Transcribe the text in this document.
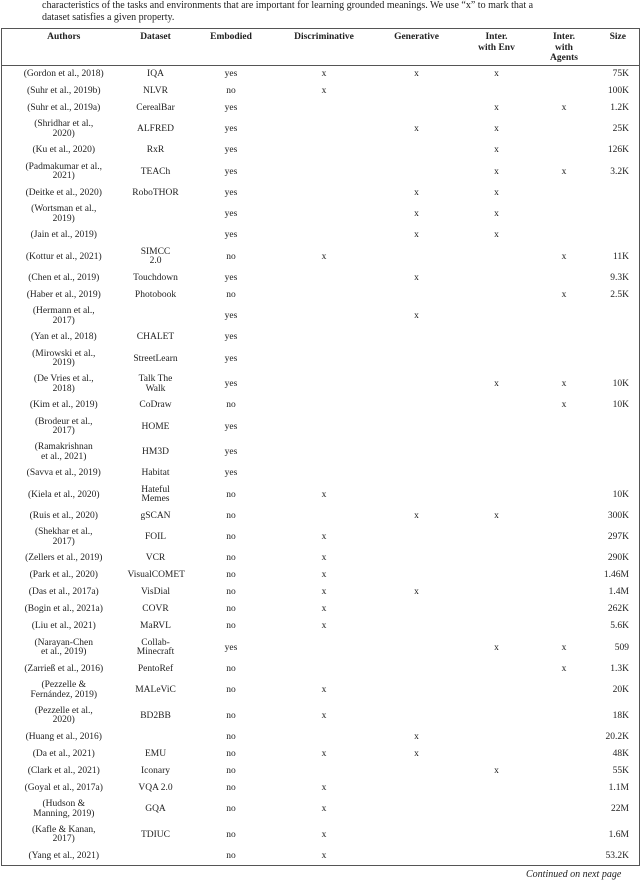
characteristics of the tasks and environments that are important for learning grounded meanings. We use “x” to mark that a
dataset satisfies a given property.
Authors	Dataset	Embodied	Discriminative	Generative	Inter.
with Env	Inter.
with
Agents	Size
(Gordon et al., 2018)	IQA	yes	x	x	x		75K
(Suhr et al., 2019b)	NLVR	no	x				100K
(Suhr et al., 2019a)	CerealBar	yes			x	x	1.2K
(Shridhar et al.,
2020)	ALFRED	yes		x	x		25K
(Ku et al., 2020)	RxR	yes			x		126K
(Padmakumar et al.,
2021)	TEACh	yes			x	x	3.2K
(Deitke et al., 2020)	RoboTHOR	yes		x	x		
(Wortsman et al.,
2019)		yes		x	x		
(Jain et al., 2019)		yes		x	x		
(Kottur et al., 2021)	SIMCC
2.0	no	x			x	11K
(Chen et al., 2019)	Touchdown	yes		x			9.3K
(Haber et al., 2019)	Photobook	no				x	2.5K
(Hermann et al.,
2017)		yes		x			
(Yan et al., 2018)	CHALET	yes					
(Mirowski et al.,
2019)	StreetLearn	yes					
(De Vries et al.,
2018)	Talk The
Walk	yes			x	x	10K
(Kim et al., 2019)	CoDraw	no				x	10K
(Brodeur et al.,
2017)	HOME	yes					
(Ramakrishnan
et al., 2021)	HM3D	yes					
(Savva et al., 2019)	Habitat	yes					
(Kiela et al., 2020)	Hateful
Memes	no	x				10K
(Ruis et al., 2020)	gSCAN	no		x	x		300K
(Shekhar et al.,
2017)	FOIL	no	x				297K
(Zellers et al., 2019)	VCR	no	x				290K
(Park et al., 2020)	VisualCOMET	no	x				1.46M
(Das et al., 2017a)	VisDial	no	x	x			1.4M
(Bogin et al., 2021a)	COVR	no	x				262K
(Liu et al., 2021)	MaRVL	no	x				5.6K
(Narayan-Chen
et al., 2019)	Collab-
Minecraft	yes			x	x	509
(Zarrieß et al., 2016)	PentoRef	no				x	1.3K
(Pezzelle &
Fernández, 2019)	MALeViC	no	x				20K
(Pezzelle et al.,
2020)	BD2BB	no	x				18K
(Huang et al., 2016)		no		x			20.2K
(Da et al., 2021)	EMU	no	x	x			48K
(Clark et al., 2021)	Iconary	no			x		55K
(Goyal et al., 2017a)	VQA 2.0	no	x				1.1M
(Hudson &
Manning, 2019)	GQA	no	x				22M
(Kafle & Kanan,
2017)	TDIUC	no	x				1.6M
(Yang et al., 2021)		no	x				53.2K
Continued on next page
